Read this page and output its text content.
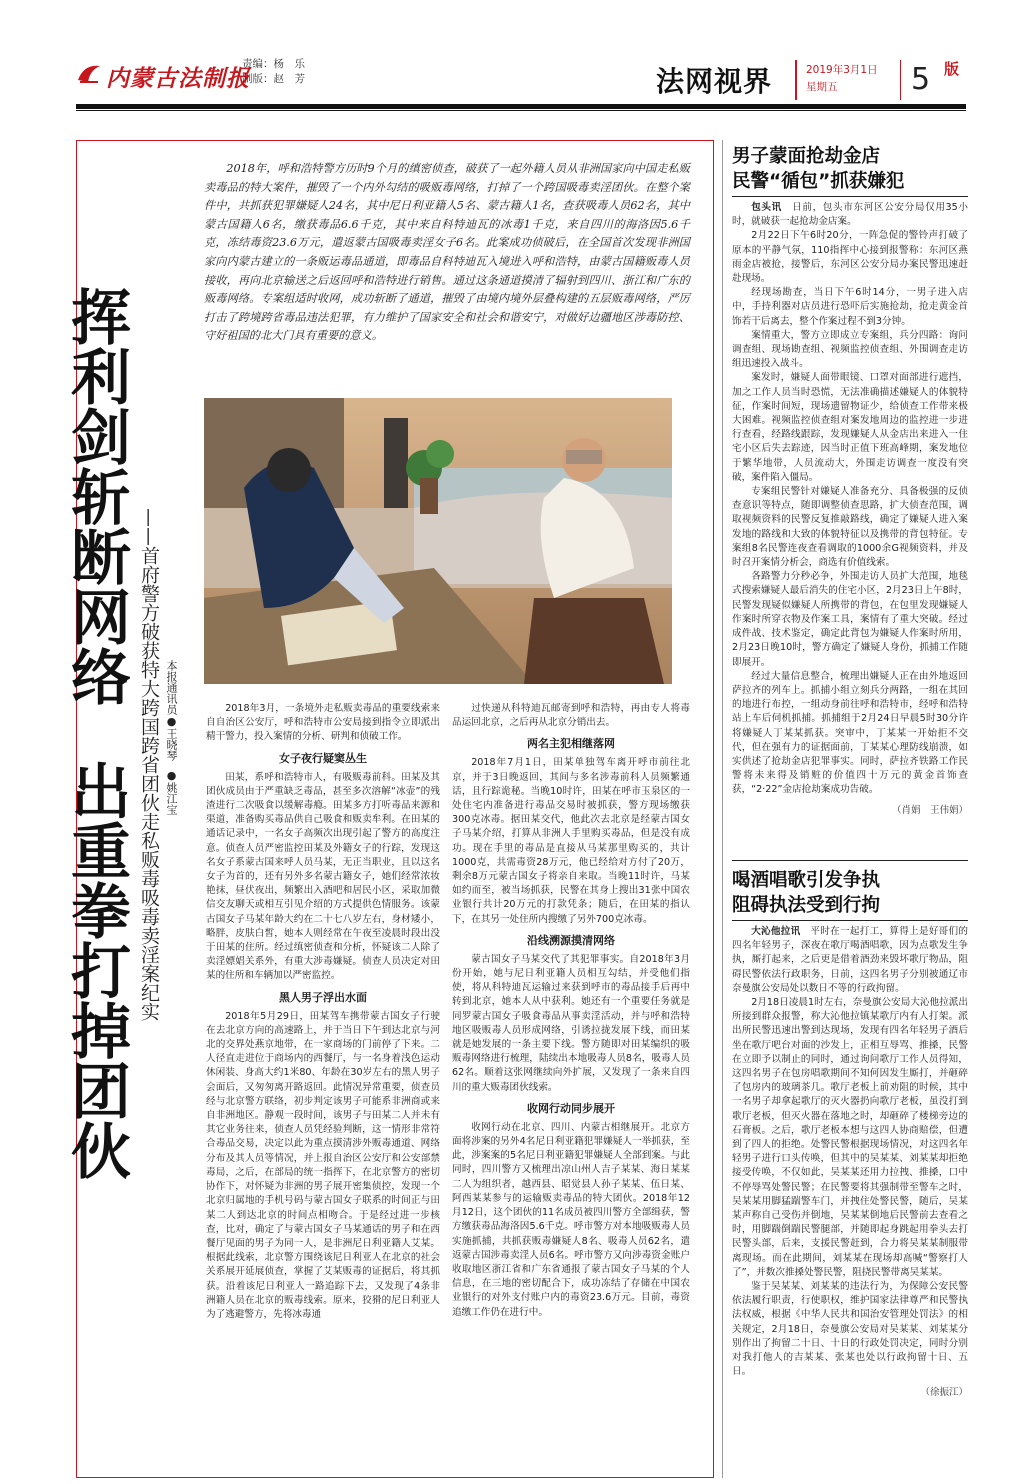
内蒙古法制报
责编：杨　乐
制版：赵　芳	法网视界	2019年3月1日
星期五	5 版
挥利剑斩断网络
出重拳打掉团伙 ——首府警方破获特大跨国跨省团伙走私贩毒吸毒卖淫案纪实 本报通讯员●王晓琴
●姚江宝

2018年，呼和浩特警方历时9个月的缜密侦查，破获了一起外籍人员从非洲国家向中国走私贩卖毒品的特大案件，摧毁了一个内外勾结的吸贩毒网络，打掉了一个跨国吸毒卖淫团伙。在整个案件中，共抓获犯罪嫌疑人24名，其中尼日利亚籍人5名、蒙古籍人1名，查获吸毒人员62名，其中蒙古国籍人6名，缴获毒品6.6千克，其中来自科特迪瓦的冰毒1千克，来自四川的海洛因5.6千克，冻结毒资23.6万元，遣返蒙古国吸毒卖淫女子6名。此案成功侦破后，在全国首次发现非洲国家向内蒙古建立的一条贩运毒品通道，即毒品自科特迪瓦入境进入呼和浩特，由蒙古国籍贩毒人员接收，再向北京输送之后返回呼和浩特进行销售。通过这条通道摸清了辐射到四川、浙江和广东的贩毒网络。专案组适时收网，成功斩断了通道，摧毁了由境内境外层叠构建的五层贩毒网络，严厉打击了跨境跨省毒品违法犯罪，有力维护了国家安全和社会和谐安宁，对做好边疆地区涉毒防控、守好祖国的北大门具有重要的意义。

2018年3月，一条境外走私贩卖毒品的重要线索来自自治区公安厅，呼和浩特市公安局接到指令立即派出精干警力，投入案情的分析、研判和侦破工作。

女子夜行疑窦丛生

田某，系呼和浩特市人，有吸贩毒前科。田某及其团伙成员由于严重缺乏毒品，甚至多次溶解“冰壶”的残渣进行二次吸食以缓解毒瘾。田某多方打听毒品来源和渠道，准备购买毒品供自己吸食和贩卖牟利。在田某的通话记录中，一名女子高频次出现引起了警方的高度注意。侦查人员严密监控田某及外籍女子的行踪，发现这名女子系蒙古国来呼人员马某，无正当职业，且以这名女子为首的，还有另外多名蒙古籍女子，她们经常浓妆艳抹，昼伏夜出，频繁出入酒吧和居民小区，采取加微信交友聊天或相互引见介绍的方式提供色情服务。该蒙古国女子马某年龄大约在二十七八岁左右，身材矮小，略胖，皮肤白皙，她本人则经常在午夜至凌晨时段出没于田某的住所。经过缜密侦查和分析，怀疑该二人除了卖淫嫖娼关系外，有重大涉毒嫌疑。侦查人员决定对田某的住所和车辆加以严密监控。

黑人男子浮出水面

2018年5月29日，田某驾车携带蒙古国女子行驶在去北京方向的高速路上，并于当日下午到达北京与河北的交界处燕京地带，在一家商场的门前停了下来。二人径直走进位于商场内的西餐厅，与一名身着浅色运动休闲装、身高大约1米80、年龄在30岁左右的黑人男子会面后，又匆匆离开路返回。此情况异常重要，侦查员经与北京警方联络，初步判定该男子可能系非洲商或来自非洲地区。静观一段时间，该男子与田某二人并未有其它业务往来，侦查人员凭经验判断，这一情形非常符合毒品交易，决定以此为重点摸清涉外贩毒通道、网络分布及其人员等情况，并上报自治区公安厅和公安部禁毒局，之后，在部局的统一指挥下，在北京警方的密切协作下，对怀疑为非洲的男子展开密集侦控，发现一个北京归属地的手机号码与蒙古国女子联系的时间正与田某二人到达北京的时间点相吻合。于是经过进一步核查，比对，确定了与蒙古国女子马某通话的男子和在西餐厅见面的男子为同一人，是非洲尼日利亚籍人艾某。根据此线索，北京警方围绕该尼日利亚人在北京的社会关系展开延展侦查，掌握了艾某贩毒的证据后，将其抓获。沿着该尼日利亚人一路追踪下去，又发现了4条非洲籍人员在北京的贩毒线索。原来，狡猾的尼日利亚人为了逃避警方，先将冰毒通

过快递从科特迪瓦邮寄到呼和浩特，再由专人将毒品运回北京，之后再从北京分销出去。

两名主犯相继落网

2018年7月1日，田某单独驾车离开呼市前往北京，并于3日晚返回，其间与多名涉毒前科人员频繁通话，且行踪诡秘。当晚10时许，田某在呼市玉泉区的一处住宅内准备进行毒品交易时被抓获，警方现场缴获300克冰毒。据田某交代，他此次去北京是经蒙古国女子马某介绍，打算从非洲人手里购买毒品，但是没有成功。现在手里的毒品是直接从马某那里购买的，共计1000克，共需毒资28万元，他已经给对方付了20万，剩余8万元蒙古国女子将亲自来取。当晚11时许，马某如约而至，被当场抓获，民警在其身上搜出31张中国农业银行共计20万元的打款凭条；随后，在田某的指认下，在其另一处住所内搜缴了另外700克冰毒。

沿线溯源摸清网络

蒙古国女子马某交代了其犯罪事实。自2018年3月份开始，她与尼日利亚籍人员相互勾结，并受他们指使，将从科特迪瓦运输过来获到呼市的毒品接手后再中转到北京，她本人从中获利。她还有一个重要任务就是同罗蒙古国女子吸食毒品从事卖淫活动，并与呼和浩特地区吸贩毒人员形成网络，引诱拉拢发展下线，而田某就是她发展的一条主要下线。警方随即对田某编织的吸贩毒网络进行梳理，陆续出本地吸毒人员8名，吸毒人员62名。顺着这张网继续向外扩展，又发现了一条来自四川的重大贩毒团伙线索。

收网行动同步展开

收网行动在北京、四川、内蒙古相继展开。北京方面将涉案的另外4名尼日利亚籍犯罪嫌疑人一举抓获，至此，涉案案的5名尼日利亚籍犯罪嫌疑人全部到案。与此同时，四川警方又梳理出凉山州人吉子某某、海日某某二人为组织者，越西县、昭觉县人孙子某某、伍日某、阿西某某参与的运输贩卖毒品的特大团伙。2018年12月12日，这个团伙的11名成员被四川警方全部缉获，警方缴获毒品海洛因5.6千克。呼市警方对本地吸贩毒人员实施抓捕，共抓获贩毒嫌疑人8名、吸毒人员62名，遣返蒙古国涉毒卖淫人员6名。呼市警方又向涉毒资金账户收取地区浙江省和广东省通报了蒙古国女子马某的个人信息，在三地的密切配合下，成功冻结了存储在中国农业银行的对外支付账户内的毒资23.6万元。目前，毒资追缴工作仍在进行中。

男子蒙面抢劫金店
民警“循包”抓获嫌犯

包头讯　日前，包头市东河区公安分局仅用35小时，就破获一起抢劫金店案。

2月22日下午6时20分，一阵急促的警铃声打破了原本的平静气氛，110指挥中心接到报警称：东河区燕雨金店被抢，接警后，东河区公安分局办案民警迅速赶赴现场。

经现场勘查，当日下午6时14分，一男子进入店中，手持利器对店员进行恐吓后实施抢劫，抢走黄金首饰若干后离去，整个作案过程不到3分钟。

案情重大，警方立即成立专案组，兵分四路：询问调查组、现场勘查组、视频监控侦查组、外围调查走访组迅速投入战斗。

案发时，嫌疑人面带眼镜、口罩对面部进行遮挡，加之工作人员当时恐慌，无法准确描述嫌疑人的体貌特征，作案时间短，现场遗留物证少，给侦查工作带来极大困难。视频监控侦查组对案发地周边的监控进一步进行查看，经路线跟踪，发现嫌疑人从金店出来进入一住宅小区后失去踪迹，因当时正值下班高峰期，案发地位于繁华地带，人员流动大，外围走访调查一度没有突破，案件陷入僵局。

专案组民警针对嫌疑人准备充分、具备极强的反侦查意识等特点，随即调整侦查思路，扩大侦查范围，调取视频资料的民警反复推敲路线，确定了嫌疑人进入案发地的路线和大致的体貌特征以及携带的背包特征。专案组8名民警连夜查看调取的1000余G视频资料，并及时召开案情分析会，商选有价值线索。

各路警力分秒必争，外围走访人员扩大范围，地毯式搜索嫌疑人最后消失的住宅小区，2月23日上午8时，民警发现疑似嫌疑人所携带的背包，在包里发现嫌疑人作案时所穿衣物及作案工具，案情有了重大突破。经过成件战、技术鉴定，确定此背包为嫌疑人作案时所用，2月23日晚10时，警方确定了嫌疑人身份，抓捕工作随即展开。

经过大量信息整合，梳理出嫌疑人正在由外地返回萨拉齐的列车上。抓捕小组立刻兵分两路，一组在其回的地进行布控，一组动身前往呼和浩特市，经呼和浩特站上车后伺机抓捕。抓捕组于2月24日早晨5时30分许将嫌疑人丁某某抓获。突审中，丁某某一开始拒不交代，但在强有力的证据面前，丁某某心理防线崩溃，如实供述了抢劫金店犯罪事实。同时，萨拉齐铁路工作民警将未来得及销赃的价值四十万元的黄金首饰查获，“2·22”金店抢劫案成功告破。

（肖娟　王伟娟）
喝酒唱歌引发争执
阻碍执法受到行拘

大沁他拉讯　平时在一起打工，算得上是好哥们的四名年轻男子，深夜在歌厅喝酒唱歌，因为点歌发生争执，厮打起来，之后更是借着酒劲来毁坏歌厅物品，阻碍民警依法行政职务，日前，这四名男子分别被通辽市奈曼旗公安局处以数日不等的行政拘留。

2月18日凌晨1时左右，奈曼旗公安局大沁他拉派出所接到群众报警，称大沁他拉镇某歌厅内有人打架。派出所民警迅速出警到达现场，发现有四名年轻男子酒后坐在歌厅吧台对面的沙发上，正相互辱骂、推搡，民警在立即予以制止的同时，通过询问歌厅工作人员得知，这四名男子在包房唱歌期间不知何因发生厮打，并砸碎了包房内的玻璃茶几。歌厅老板上前劝阻的时候，其中一名男子却拿起歌厅的灭火器扔向歌厅老板，虽没打到歌厅老板，但灭火器在落地之时，却砸碎了楼梯旁边的石膏板。之后，歌厅老板本想与这四人协商赔偿，但遭到了四人的拒绝。处警民警根据现场情况，对这四名年轻男子进行口头传唤，但其中的吴某某、刘某某却拒绝接受传唤，不仅如此，吴某某还用力拉拽、推搡，口中不停辱骂处警民警；在民警要将其强制带至警车之时，吴某某用脚猛踹警车门，并拽住处警民警，随后，吴某某声称自己受伤并倒地，吴某某倒地后民警前去查看之时，用脚踹倒踹民警腿部，并随即起身跳起用拳头去打民警头部，后来，支援民警赶到，合力将吴某某制服带离现场。而在此期间，刘某某在现场却高喊“警察打人了”，并数次推搡处警民警，阻挠民警带离吴某某。

鉴于吴某某、刘某某的违法行为，为保障公安民警依法履行职责，行使职权，维护国家法律尊严和民警执法权威，根据《中华人民共和国治安管理处罚法》的相关规定，2月18日，奈曼旗公安局对吴某某、刘某某分别作出了拘留二十日、十日的行政处罚决定，同时分别对我打他人的吉某某、张某也处以行政拘留十日、五日。

（徐振江）
